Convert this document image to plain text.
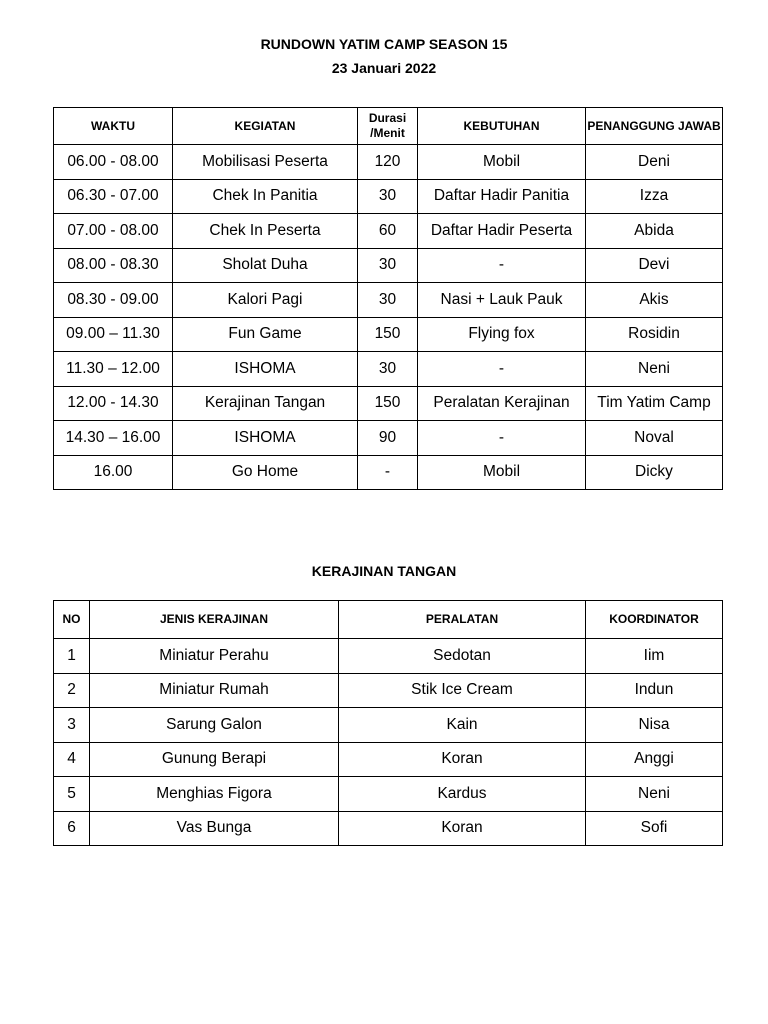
RUNDOWN YATIM CAMP SEASON 15
23 Januari 2022
WAKTU	KEGIATAN	Durasi /Menit	KEBUTUHAN	PENANGGUNG JAWAB
06.00 - 08.00	Mobilisasi Peserta	120	Mobil	Deni
06.30 - 07.00	Chek In Panitia	30	Daftar Hadir Panitia	Izza
07.00 - 08.00	Chek In Peserta	60	Daftar Hadir Peserta	Abida
08.00 - 08.30	Sholat Duha	30	-	Devi
08.30 - 09.00	Kalori Pagi	30	Nasi + Lauk Pauk	Akis
09.00 – 11.30	Fun Game	150	Flying fox	Rosidin
11.30 – 12.00	ISHOMA	30	-	Neni
12.00 - 14.30	Kerajinan Tangan	150	Peralatan Kerajinan	Tim Yatim Camp
14.30 – 16.00	ISHOMA	90	-	Noval
16.00	Go Home	-	Mobil	Dicky
KERAJINAN TANGAN
NO	JENIS KERAJINAN	PERALATAN	KOORDINATOR
1	Miniatur Perahu	Sedotan	Iim
2	Miniatur Rumah	Stik Ice Cream	Indun
3	Sarung Galon	Kain	Nisa
4	Gunung Berapi	Koran	Anggi
5	Menghias Figora	Kardus	Neni
6	Vas Bunga	Koran	Sofi
